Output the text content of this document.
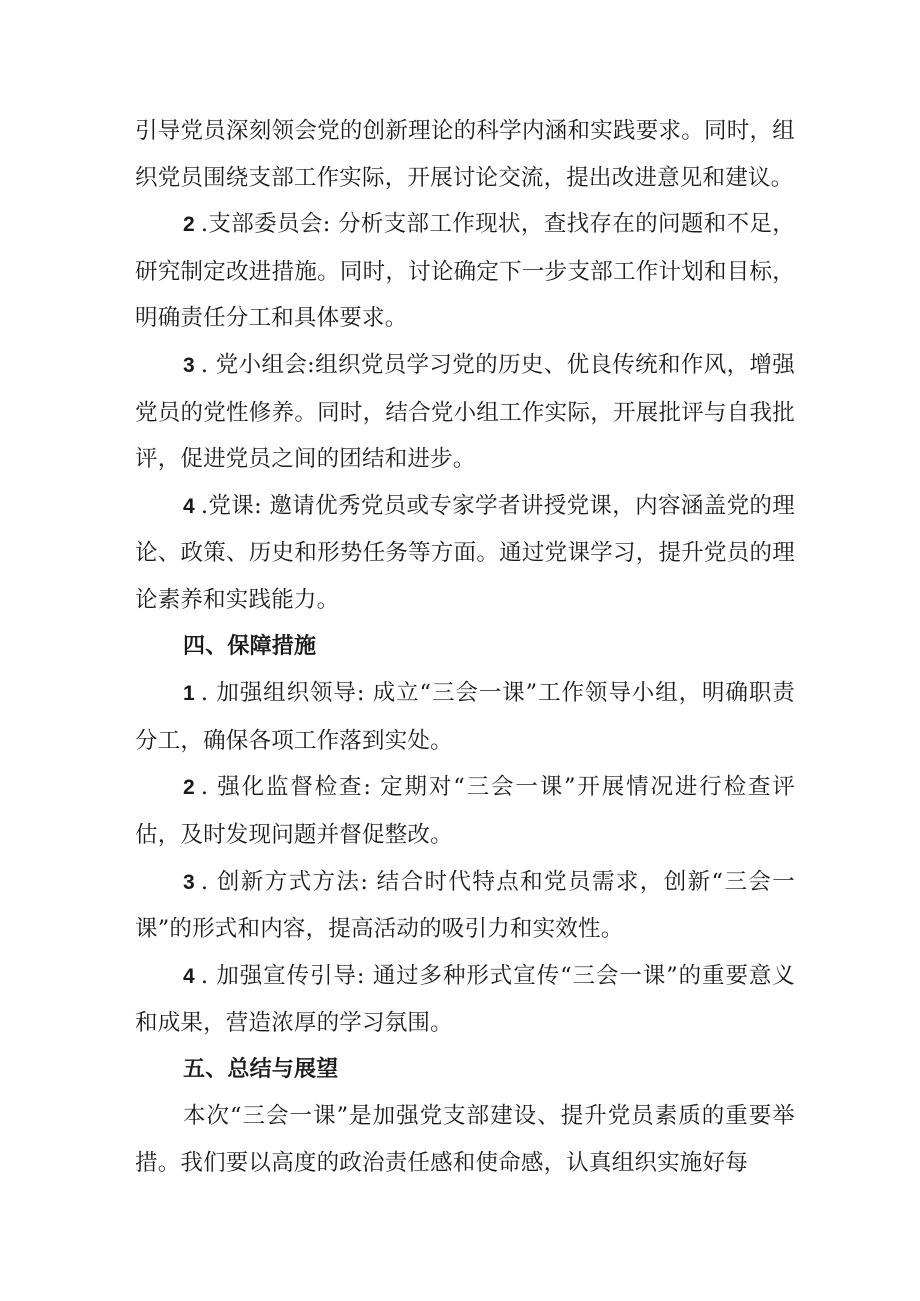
引导党员深刻领会党的创新理论的科学内涵和实践要求。同时，组织党员围绕支部工作实际，开展讨论交流，提出改进意见和建议。

2 .支部委员会: 分析支部工作现状，查找存在的问题和不足，研究制定改进措施。同时，讨论确定下一步支部工作计划和目标，明确责任分工和具体要求。

3 . 党小组会:组织党员学习党的历史、优良传统和作风，增强党员的党性修养。同时，结合党小组工作实际，开展批评与自我批评，促进党员之间的团结和进步。

4 .党课: 邀请优秀党员或专家学者讲授党课，内容涵盖党的理论、政策、历史和形势任务等方面。通过党课学习，提升党员的理论素养和实践能力。

四、保障措施

1 . 加强组织领导: 成立“三会一课”工作领导小组，明确职责分工，确保各项工作落到实处。

2 . 强化监督检查: 定期对“三会一课”开展情况进行检查评估，及时发现问题并督促整改。

3 . 创新方式方法: 结合时代特点和党员需求，创新“三会一课”的形式和内容，提高活动的吸引力和实效性。

4 . 加强宣传引导: 通过多种形式宣传“三会一课”的重要意义和成果，营造浓厚的学习氛围。

五、总结与展望

本次“三会一课”是加强党支部建设、提升党员素质的重要举措。我们要以高度的政治责任感和使命感，认真组织实施好每
